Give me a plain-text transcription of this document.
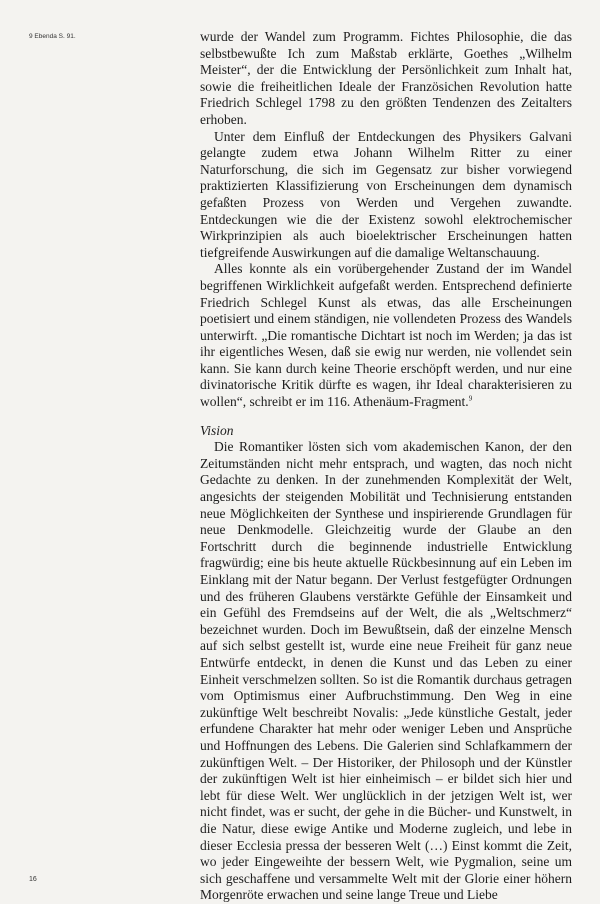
9 Ebenda S. 91.	wurde der Wandel zum Programm. Fichtes Philosophie, die das selbstbewußte Ich zum Maßstab erklärte, Goethes „Wilhelm Meister“, der die Entwicklung der Persönlichkeit zum Inhalt hat, sowie die freiheitlichen Ideale der Französichen Revolution hatte Friedrich Schlegel 1798 zu den größten Tendenzen des Zeitalters erhoben.

Unter dem Einfluß der Entdeckungen des Physikers Galvani gelangte zudem etwa Johann Wilhelm Ritter zu einer Naturforschung, die sich im Gegensatz zur bisher vorwiegend praktizierten Klassifizierung von Erscheinungen dem dynamisch gefaßten Prozess von Werden und Vergehen zuwandte. Entdeckungen wie die der Existenz sowohl elektrochemischer Wirkprinzipien als auch bioelektrischer Erscheinungen hatten tiefgreifende Auswirkungen auf die damalige Weltanschauung.

Alles konnte als ein vorübergehender Zustand der im Wandel begriffenen Wirklichkeit aufgefaßt werden. Entsprechend definierte Friedrich Schlegel Kunst als etwas, das alle Erscheinungen poetisiert und einem ständigen, nie vollendeten Prozess des Wandels unterwirft. „Die romantische Dichtart ist noch im Werden; ja das ist ihr eigentliches Wesen, daß sie ewig nur werden, nie vollendet sein kann. Sie kann durch keine Theorie erschöpft werden, und nur eine divinatorische Kritik dürfte es wagen, ihr Ideal charakterisieren zu wollen“, schreibt er im 116. Athenäum-Fragment.$^9$

Vision

Die Romantiker lösten sich vom akademischen Kanon, der den Zeitumständen nicht mehr entsprach, und wagten, das noch nicht Gedachte zu denken. In der zunehmenden Komplexität der Welt, angesichts der steigenden Mobilität und Technisierung entstanden neue Möglichkeiten der Synthese und inspirierende Grundlagen für neue Denkmodelle. Gleichzeitig wurde der Glaube an den Fortschritt durch die beginnende industrielle Entwicklung fragwürdig; eine bis heute aktuelle Rückbesinnung auf ein Leben im Einklang mit der Natur begann. Der Verlust festgefügter Ordnungen und des früheren Glaubens verstärkte Gefühle der Einsamkeit und ein Gefühl des Fremdseins auf der Welt, die als „Weltschmerz“ bezeichnet wurden. Doch im Bewußtsein, daß der einzelne Mensch auf sich selbst gestellt ist, wurde eine neue Freiheit für ganz neue Entwürfe entdeckt, in denen die Kunst und das Leben zu einer Einheit verschmelzen sollten. So ist die Romantik durchaus getragen vom Optimismus einer Aufbruchstimmung. Den Weg in eine zukünftige Welt beschreibt Novalis: „Jede künstliche Gestalt, jeder erfundene Charakter hat mehr oder weniger Leben und Ansprüche und Hoffnungen des Lebens. Die Galerien sind Schlafkammern der zukünftigen Welt. – Der Historiker, der Philosoph und der Künstler der zukünftigen Welt ist hier einheimisch – er bildet sich hier und lebt für diese Welt. Wer unglücklich in der jetzigen Welt ist, wer nicht findet, was er sucht, der gehe in die Bücher- und Kunstwelt, in die Natur, diese ewige Antike und Moderne zugleich, und lebe in dieser Ecclesia pressa der besseren Welt (…) Einst kommt die Zeit, wo jeder Eingeweihte der bessern Welt, wie Pygmalion, seine um sich geschaffene und versammelte Welt mit der Glorie einer höhern Morgenröte erwachen und seine lange Treue und Liebe

16
